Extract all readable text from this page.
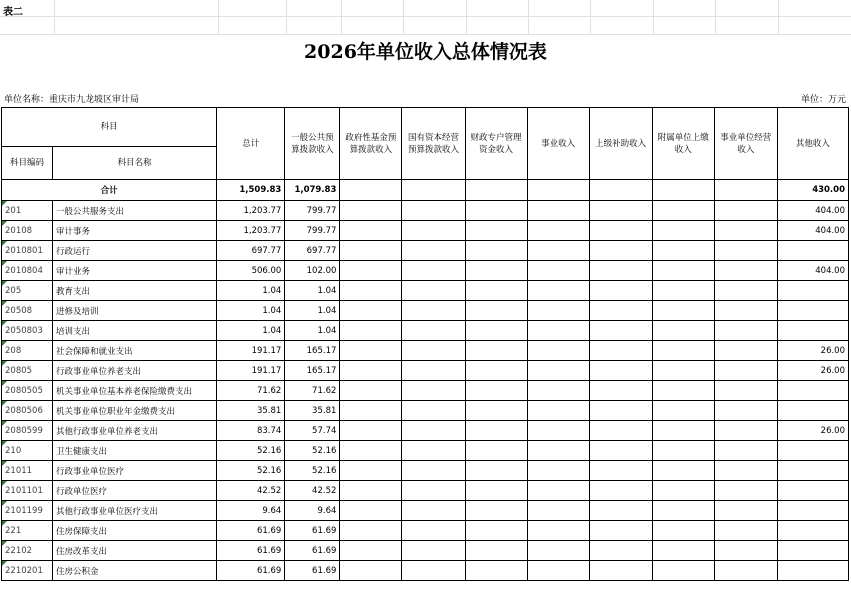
表二
2026年单位收入总体情况表
单位名称：重庆市九龙坡区审计局	单位：万元
科目		总计	一般公共预算拨款收入	政府性基金预算拨款收入	国有资本经营预算拨款收入	财政专户管理资金收入	事业收入	上级补助收入	附属单位上缴收入	事业单位经营收入	其他收入
科目编码	科目名称										
合计		1,509.83	1,079.83								430.00
201	一般公共服务支出	1,203.77	799.77								404.00
20108	审计事务	1,203.77	799.77								404.00
2010801	行政运行	697.77	697.77								
2010804	审计业务	506.00	102.00								404.00
205	教育支出	1.04	1.04								
20508	进修及培训	1.04	1.04								
2050803	培训支出	1.04	1.04								
208	社会保障和就业支出	191.17	165.17								26.00
20805	行政事业单位养老支出	191.17	165.17								26.00
2080505	机关事业单位基本养老保险缴费支出	71.62	71.62								
2080506	机关事业单位职业年金缴费支出	35.81	35.81								
2080599	其他行政事业单位养老支出	83.74	57.74								26.00
210	卫生健康支出	52.16	52.16								
21011	行政事业单位医疗	52.16	52.16								
2101101	行政单位医疗	42.52	42.52								
2101199	其他行政事业单位医疗支出	9.64	9.64								
221	住房保障支出	61.69	61.69								
22102	住房改革支出	61.69	61.69								
2210201	住房公积金	61.69	61.69								
